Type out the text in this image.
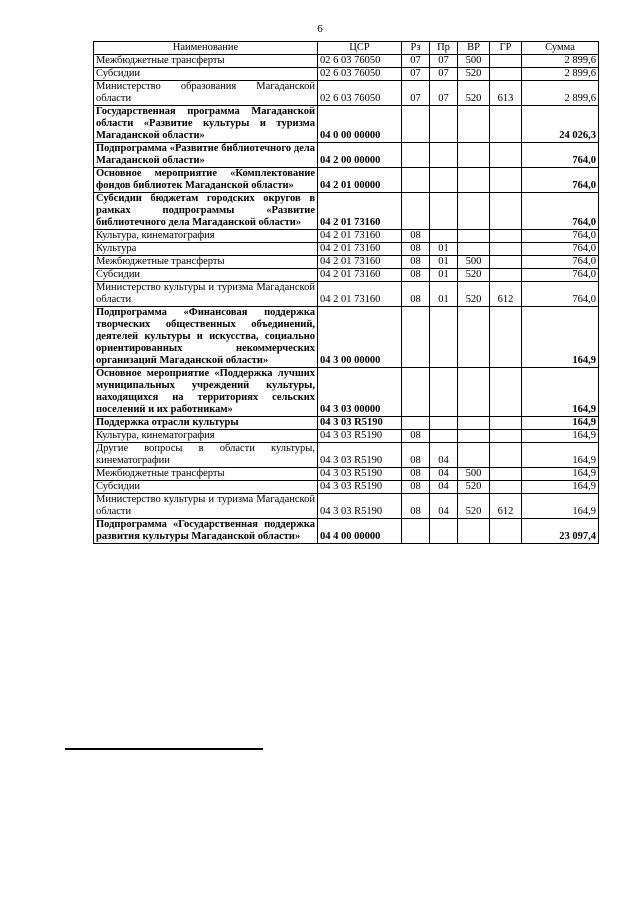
6
Наименование	ЦСР	Рз	Пр	ВР	ГР	Сумма
Межбюджетные трансферты	02 6 03 76050	07	07	500		2 899,6
Субсидии	02 6 03 76050	07	07	520		2 899,6
Министерство образования Магаданской области	02 6 03 76050	07	07	520	613	2 899,6
Государственная программа Магаданской области «Развитие культуры и туризма Магаданской области»	04 0 00 00000					24 026,3
Подпрограмма «Развитие библиотечного дела Магаданской области»	04 2 00 00000					764,0
Основное мероприятие «Комплектование фондов библиотек Магаданской области»	04 2 01 00000					764,0
Субсидии бюджетам городских округов в рамках подпрограммы «Развитие библиотечного дела Магаданской области»	04 2 01 73160					764,0
Культура, кинематография	04 2 01 73160	08				764,0
Культура	04 2 01 73160	08	01			764,0
Межбюджетные трансферты	04 2 01 73160	08	01	500		764,0
Субсидии	04 2 01 73160	08	01	520		764,0
Министерство культуры и туризма Магаданской области	04 2 01 73160	08	01	520	612	764,0
Подпрограмма «Финансовая поддержка творческих общественных объединений, деятелей культуры и искусства, социально ориентированных некоммерческих организаций Магаданской области»	04 3 00 00000					164,9
Основное мероприятие «Поддержка лучших муниципальных учреждений культуры, находящихся на территориях сельских поселений и их работникам»	04 3 03 00000					164,9
Поддержка отрасли культуры	04 3 03 R5190					164,9
Культура, кинематография	04 3 03 R5190	08				164,9
Другие вопросы в области культуры, кинематографии	04 3 03 R5190	08	04			164,9
Межбюджетные трансферты	04 3 03 R5190	08	04	500		164,9
Субсидии	04 3 03 R5190	08	04	520		164,9
Министерство культуры и туризма Магаданской области	04 3 03 R5190	08	04	520	612	164,9
Подпрограмма «Государственная поддержка развития культуры Магаданской области»	04 4 00 00000					23 097,4
